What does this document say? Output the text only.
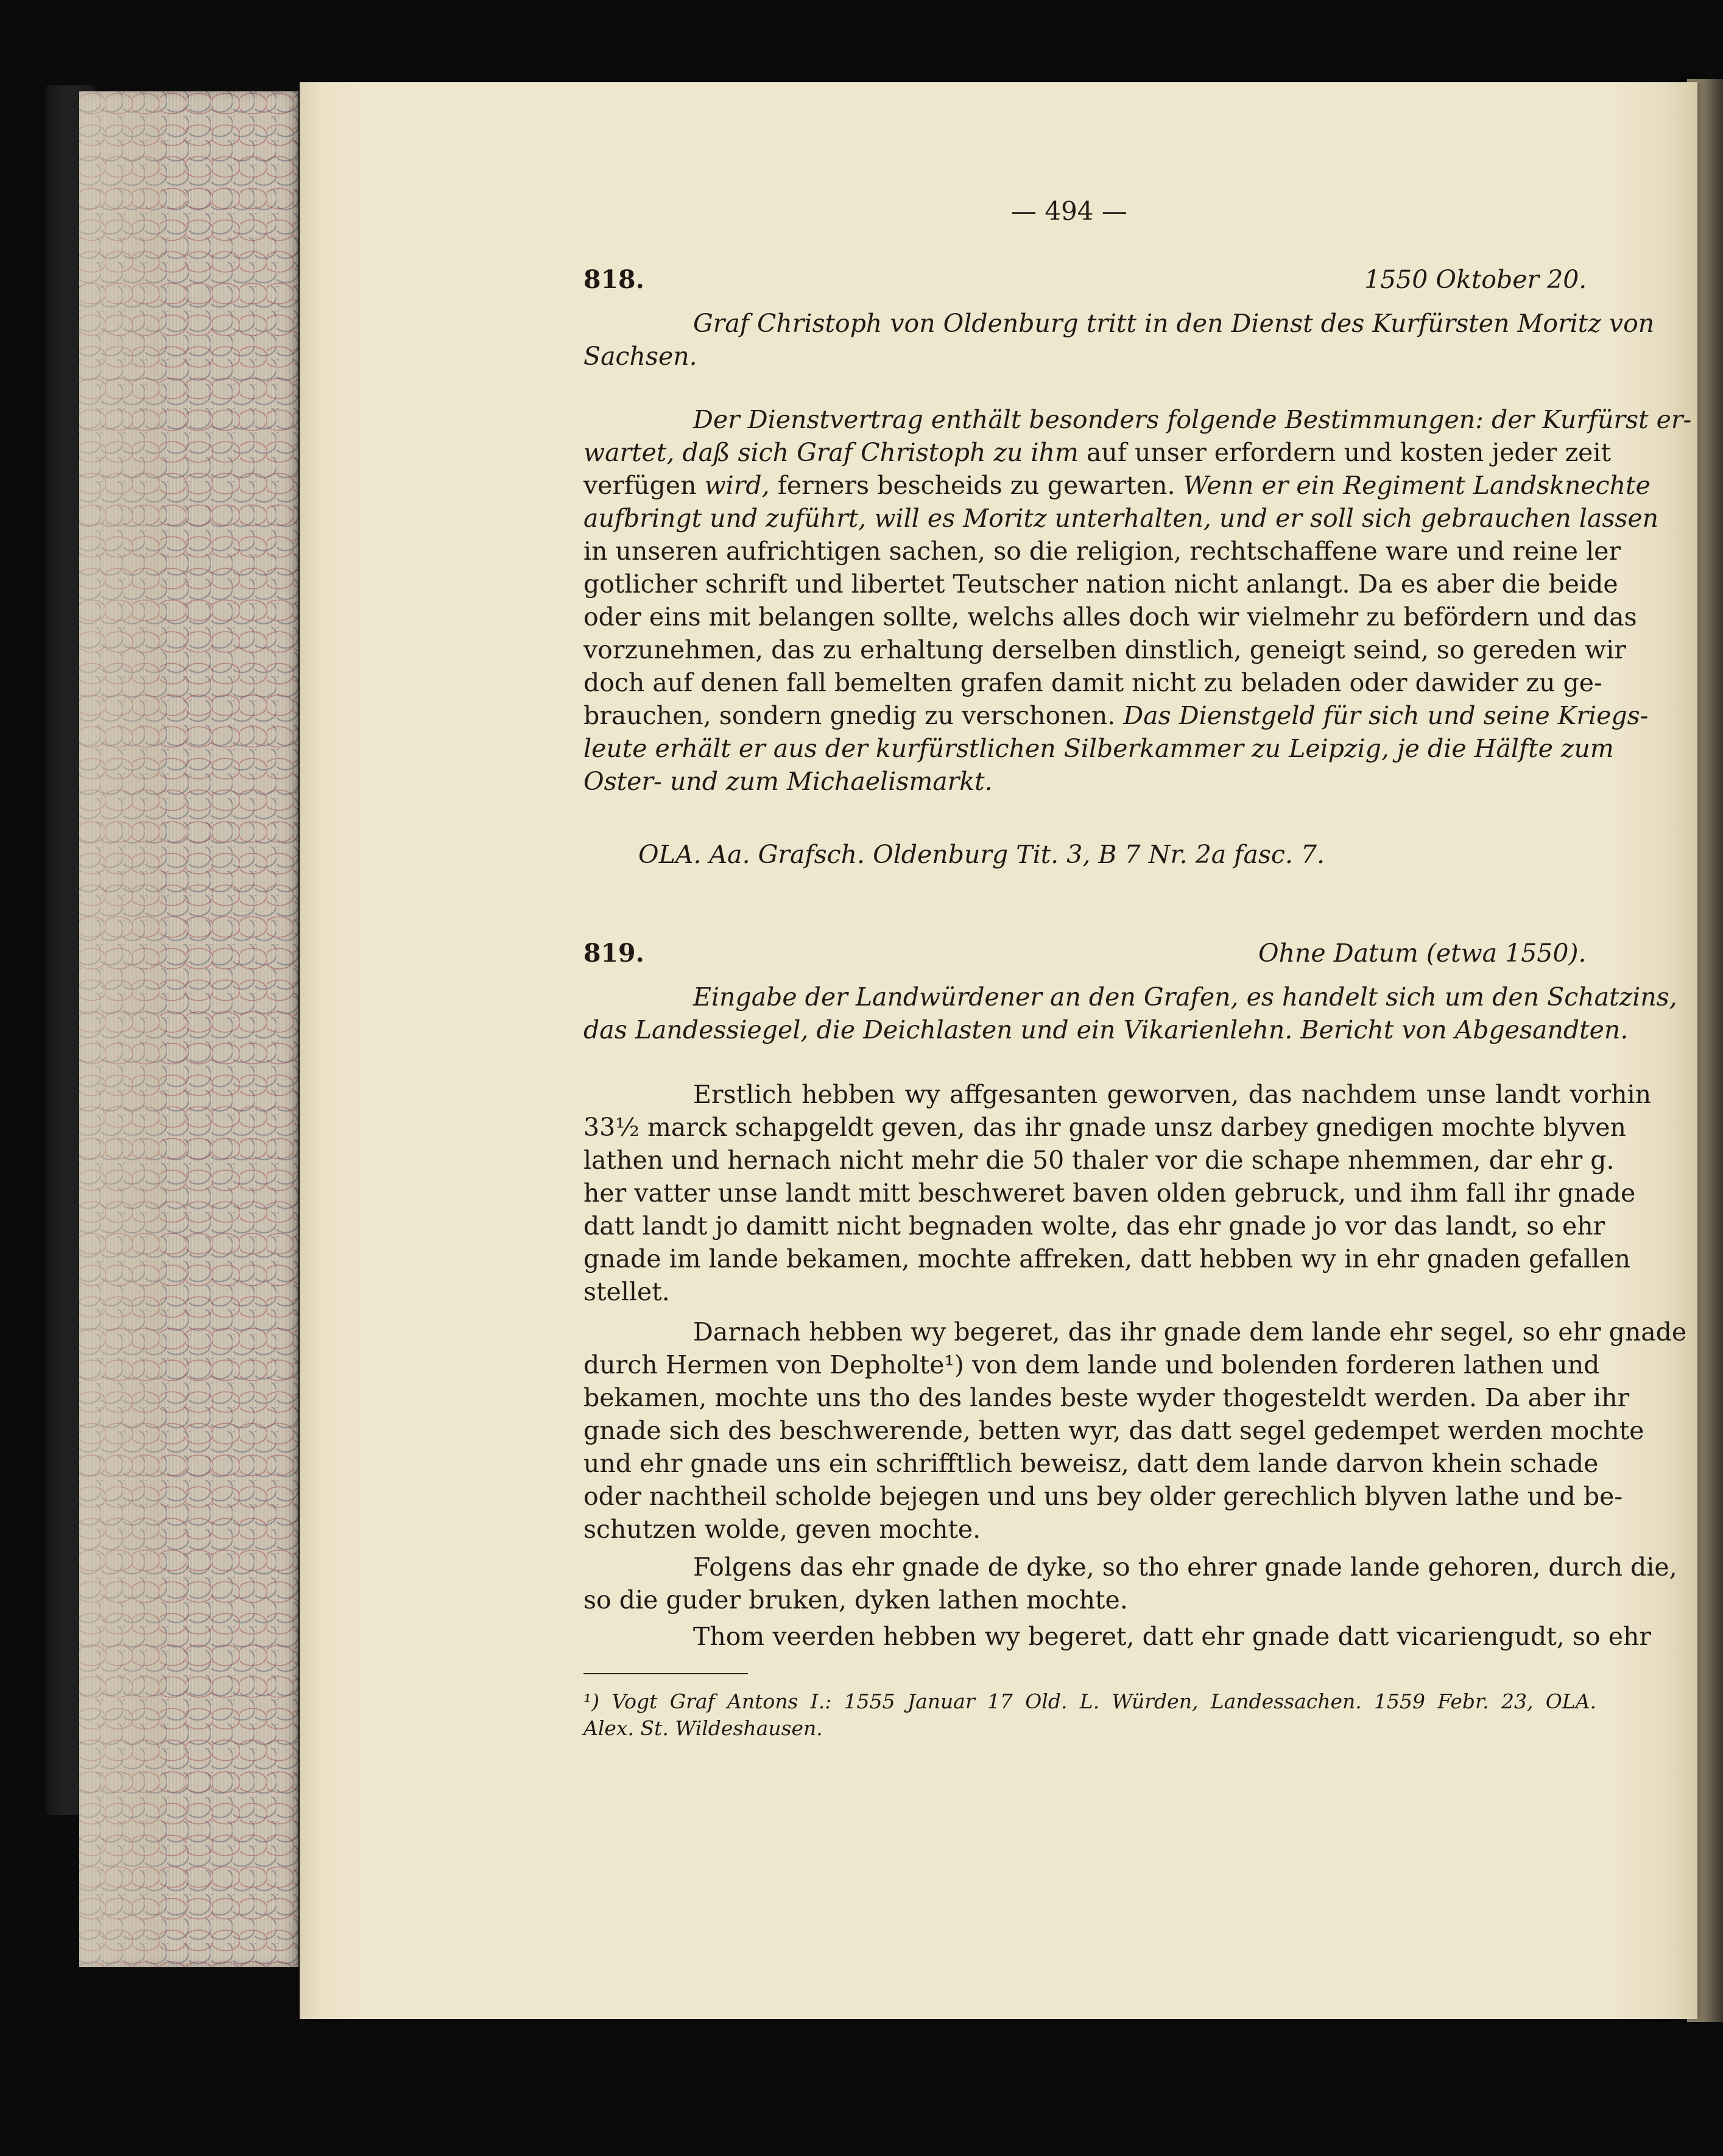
— 494 —
818.	1550 Oktober 20.
Graf Christoph von Oldenburg tritt in den Dienst des Kurfürsten Moritz von
Sachsen.
Der Dienstvertrag enthält besonders folgende Bestimmungen: der Kurfürst er-
wartet, daß sich Graf Christoph zu ihm auf unser erfordern und kosten jeder zeit
verfügen wird, ferners bescheids zu gewarten. Wenn er ein Regiment Landsknechte
aufbringt und zuführt, will es Moritz unterhalten, und er soll sich gebrauchen lassen
in unseren aufrichtigen sachen, so die religion, rechtschaffene ware und reine ler
gotlicher schrift und libertet Teutscher nation nicht anlangt. Da es aber die beide
oder eins mit belangen sollte, welchs alles doch wir vielmehr zu befördern und das
vorzunehmen, das zu erhaltung derselben dinstlich, geneigt seind, so gereden wir
doch auf denen fall bemelten grafen damit nicht zu beladen oder dawider zu ge-
brauchen, sondern gnedig zu verschonen. Das Dienstgeld für sich und seine Kriegs-
leute erhält er aus der kurfürstlichen Silberkammer zu Leipzig, je die Hälfte zum
Oster- und zum Michaelismarkt.
OLA. Aa. Grafsch. Oldenburg Tit. 3, B 7 Nr. 2a fasc. 7.
819.	Ohne Datum (etwa 1550).
Eingabe der Landwürdener an den Grafen, es handelt sich um den Schatzins,
das Landessiegel, die Deichlasten und ein Vikarienlehn. Bericht von Abgesandten.
Erstlich hebben wy affgesanten geworven, das nachdem unse landt vorhin
33½ marck schapgeldt geven, das ihr gnade unsz darbey gnedigen mochte blyven
lathen und hernach nicht mehr die 50 thaler vor die schape nhemmen, dar ehr g.
her vatter unse landt mitt beschweret baven olden gebruck, und ihm fall ihr gnade
datt landt jo damitt nicht begnaden wolte, das ehr gnade jo vor das landt, so ehr
gnade im lande bekamen, mochte affreken, datt hebben wy in ehr gnaden gefallen
stellet.
Darnach hebben wy begeret, das ihr gnade dem lande ehr segel, so ehr gnade
durch Hermen von Depholte¹) von dem lande und bolenden forderen lathen und
bekamen, mochte uns tho des landes beste wyder thogesteldt werden. Da aber ihr
gnade sich des beschwerende, betten wyr, das datt segel gedempet werden mochte
und ehr gnade uns ein schrifftlich beweisz, datt dem lande darvon khein schade
oder nachtheil scholde bejegen und uns bey older gerechlich blyven lathe und be-
schutzen wolde, geven mochte.
Folgens das ehr gnade de dyke, so tho ehrer gnade lande gehoren, durch die,
so die guder bruken, dyken lathen mochte.
Thom veerden hebben wy begeret, datt ehr gnade datt vicariengudt, so ehr
¹) Vogt Graf Antons I.: 1555 Januar 17 Old. L. Würden, Landessachen. 1559 Febr. 23, OLA.
Alex. St. Wildeshausen.
